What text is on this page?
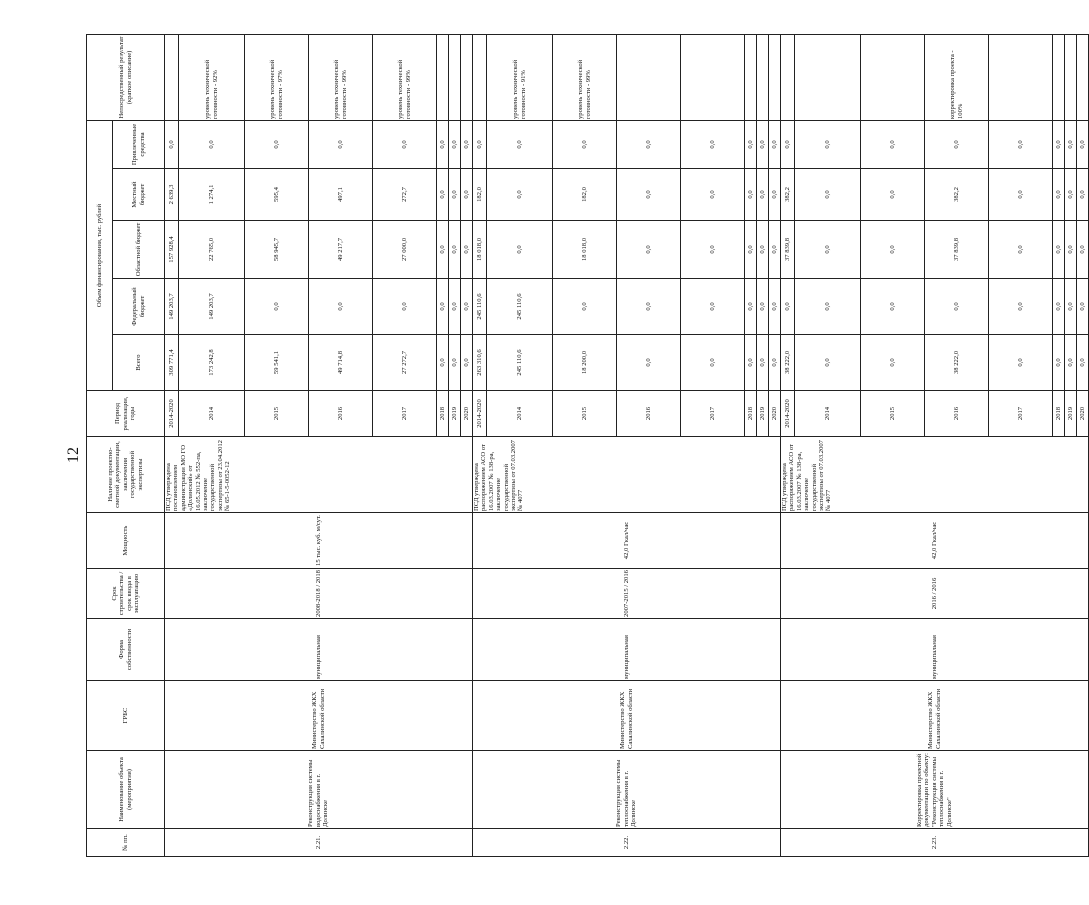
12
№ пп.	Наименование объекта (мероприятия)	ГРБС	Форма собственности	Срок строительства / срок ввода в эксплуатацию	Мощность	Наличие проектно-сметной документации, заключения государственной экспертизы	Период реализации, годы	Объем финансирования, тыс. рублей					Непосредственный результат (краткое описание)
								Всего	Федеральный бюджет	Областной бюджет	Местный бюджет	Привлеченные средства	
2.21.	Реконструкция системы водоснабжения в г. Долинске	Министерство ЖКХ Сахалинской области	муниципальная	2008-2018 / 2018	15 тыс. куб. м/сут.	ПСД утверждена постановлением администрации МО ГО «Долинский» от 16.05.2012 № 552-па, заключение государственной экспертизы от 23.04.2012 № 65-1-5-0052-12	2014-2020	309 771,4	149 203,7	157 928,4	2 639,3	0,0	
							2014	173 242,8	149 203,7	22 765,0	1 274,1	0,0	уровень технической готовности - 92%
							2015	59 541,1	0,0	58 945,7	595,4	0,0	уровень технической готовности - 97%
							2016	49 714,8	0,0	49 217,7	497,1	0,0	уровень технической готовности - 99%
							2017	27 272,7	0,0	27 000,0	272,7	0,0	уровень технической готовности - 99%
							2018	0,0	0,0	0,0	0,0	0,0	
							2019	0,0	0,0	0,0	0,0	0,0	
							2020	0,0	0,0	0,0	0,0	0,0	
2.22.	Реконструкция системы теплоснабжения в г. Долинске	Министерство ЖКХ Сахалинской области	муниципальная	2007-2015 / 2016	42,0 Гкал/час	ПСД утверждена распоряжением АСО от 16.03.2007 № 138-ра, заключение государственной экспертизы от 07.03.2007 № 4077	2014-2020	263 310,6	245 110,6	18 018,0	182,0	0,0	
							2014	245 110,6	245 110,6	0,0	0,0	0,0	уровень технической готовности - 91%
							2015	18 200,0	0,0	18 018,0	182,0	0,0	уровень технической готовности - 99%
							2016	0,0	0,0	0,0	0,0	0,0	
							2017	0,0	0,0	0,0	0,0	0,0	
							2018	0,0	0,0	0,0	0,0	0,0	
							2019	0,0	0,0	0,0	0,0	0,0	
							2020	0,0	0,0	0,0	0,0	0,0	
2.23.	Корректировка проектной документации по объекту: "Реконструкция системы теплоснабжения в г. Долинске"	Министерство ЖКХ Сахалинской области	муниципальная	2016 / 2016	42,0 Гкал/час	ПСД утверждена распоряжением АСО от 16.03.2007 № 138-ра, заключение государственной экспертизы от 07.03.2007 № 4077	2014-2020	38 222,0	0,0	37 839,8	382,2	0,0	
							2014	0,0	0,0	0,0	0,0	0,0	
							2015	0,0	0,0	0,0	0,0	0,0	
							2016	38 222,0	0,0	37 839,8	382,2	0,0	корректировка проекта - 100%
							2017	0,0	0,0	0,0	0,0	0,0	
							2018	0,0	0,0	0,0	0,0	0,0	
							2019	0,0	0,0	0,0	0,0	0,0	
							2020	0,0	0,0	0,0	0,0	0,0	
